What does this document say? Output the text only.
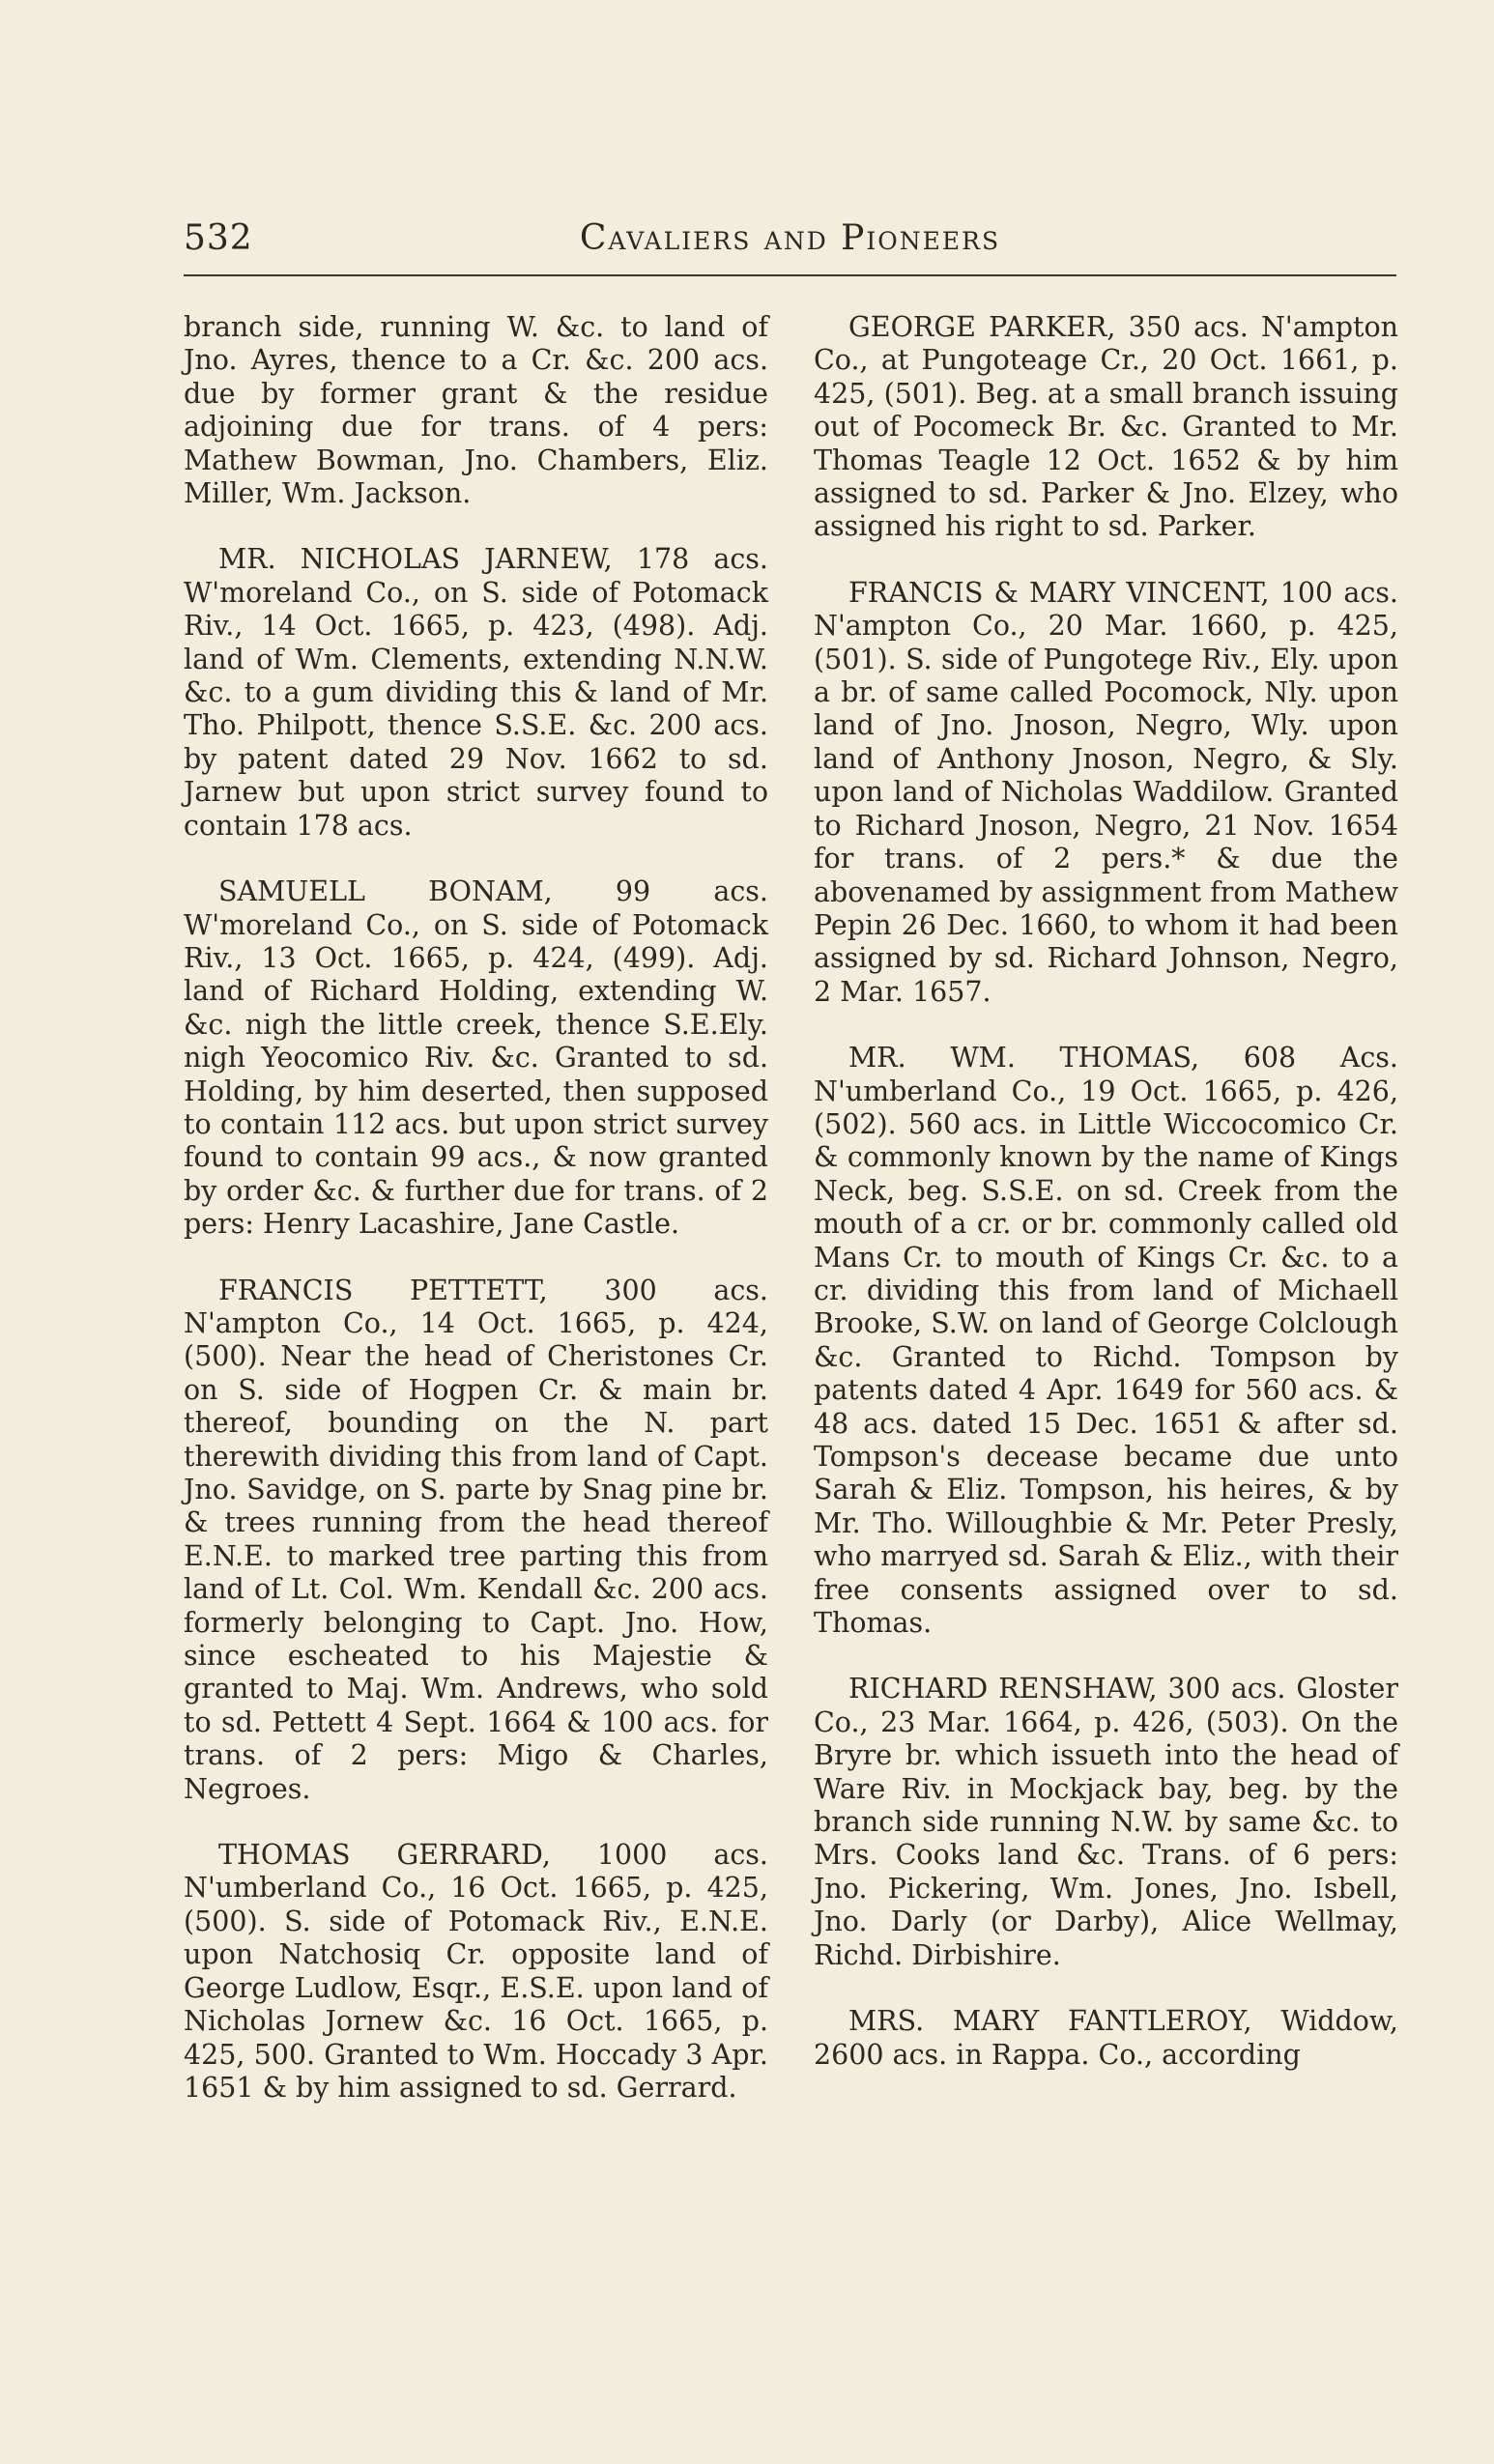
532	Cavaliers and Pioneers

branch side, running W. &c. to land of Jno. Ayres, thence to a Cr. &c. 200 acs. due by former grant & the residue adjoining due for trans. of 4 pers: Mathew Bowman, Jno. Chambers, Eliz. Miller, Wm. Jackson.

MR. NICHOLAS JARNEW, 178 acs. W'moreland Co., on S. side of Potomack Riv., 14 Oct. 1665, p. 423, (498). Adj. land of Wm. Clements, extending N.N.W. &c. to a gum dividing this & land of Mr. Tho. Philpott, thence S.S.E. &c. 200 acs. by patent dated 29 Nov. 1662 to sd. Jarnew but upon strict survey found to contain 178 acs.

SAMUELL BONAM, 99 acs. W'moreland Co., on S. side of Potomack Riv., 13 Oct. 1665, p. 424, (499). Adj. land of Richard Holding, extending W. &c. nigh the little creek, thence S.E.Ely. nigh Yeocomico Riv. &c. Granted to sd. Holding, by him deserted, then supposed to contain 112 acs. but upon strict survey found to contain 99 acs., & now granted by order &c. & further due for trans. of 2 pers: Henry Lacashire, Jane Castle.

FRANCIS PETTETT, 300 acs. N'ampton Co., 14 Oct. 1665, p. 424, (500). Near the head of Cheristones Cr. on S. side of Hogpen Cr. & main br. thereof, bounding on the N. part therewith dividing this from land of Capt. Jno. Savidge, on S. parte by Snag pine br. & trees running from the head thereof E.N.E. to marked tree parting this from land of Lt. Col. Wm. Kendall &c. 200 acs. formerly belonging to Capt. Jno. How, since escheated to his Majestie & granted to Maj. Wm. Andrews, who sold to sd. Pettett 4 Sept. 1664 & 100 acs. for trans. of 2 pers: Migo & Charles, Negroes.

THOMAS GERRARD, 1000 acs. N'umberland Co., 16 Oct. 1665, p. 425, (500). S. side of Potomack Riv., E.N.E. upon Natchosiq Cr. opposite land of George Ludlow, Esqr., E.S.E. upon land of Nicholas Jornew &c. 16 Oct. 1665, p. 425, 500. Granted to Wm. Hoccady 3 Apr. 1651 & by him assigned to sd. Gerrard.

GEORGE PARKER, 350 acs. N'ampton Co., at Pungoteage Cr., 20 Oct. 1661, p. 425, (501). Beg. at a small branch issuing out of Pocomeck Br. &c. Granted to Mr. Thomas Teagle 12 Oct. 1652 & by him assigned to sd. Parker & Jno. Elzey, who assigned his right to sd. Parker.

FRANCIS & MARY VINCENT, 100 acs. N'ampton Co., 20 Mar. 1660, p. 425, (501). S. side of Pungotege Riv., Ely. upon a br. of same called Pocomock, Nly. upon land of Jno. Jnoson, Negro, Wly. upon land of Anthony Jnoson, Negro, & Sly. upon land of Nicholas Waddilow. Granted to Richard Jnoson, Negro, 21 Nov. 1654 for trans. of 2 pers.* & due the abovenamed by assignment from Mathew Pepin 26 Dec. 1660, to whom it had been assigned by sd. Richard Johnson, Negro, 2 Mar. 1657.

MR. WM. THOMAS, 608 Acs. N'umberland Co., 19 Oct. 1665, p. 426, (502). 560 acs. in Little Wiccocomico Cr. & commonly known by the name of Kings Neck, beg. S.S.E. on sd. Creek from the mouth of a cr. or br. commonly called old Mans Cr. to mouth of Kings Cr. &c. to a cr. dividing this from land of Michaell Brooke, S.W. on land of George Colclough &c. Granted to Richd. Tompson by patents dated 4 Apr. 1649 for 560 acs. & 48 acs. dated 15 Dec. 1651 & after sd. Tompson's decease became due unto Sarah & Eliz. Tompson, his heires, & by Mr. Tho. Willoughbie & Mr. Peter Presly, who marryed sd. Sarah & Eliz., with their free consents assigned over to sd. Thomas.

RICHARD RENSHAW, 300 acs. Gloster Co., 23 Mar. 1664, p. 426, (503). On the Bryre br. which issueth into the head of Ware Riv. in Mockjack bay, beg. by the branch side running N.W. by same &c. to Mrs. Cooks land &c. Trans. of 6 pers: Jno. Pickering, Wm. Jones, Jno. Isbell, Jno. Darly (or Darby), Alice Wellmay, Richd. Dirbishire.

MRS. MARY FANTLEROY, Widdow, 2600 acs. in Rappa. Co., according
